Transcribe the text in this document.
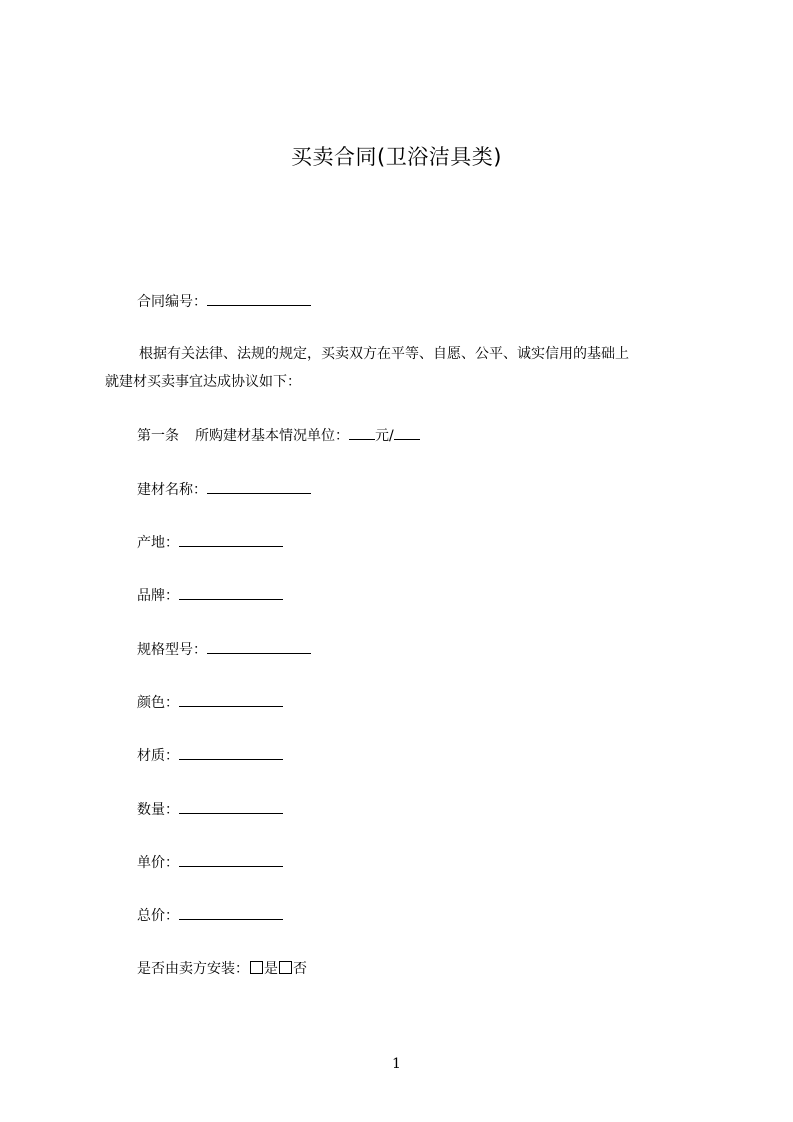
买卖合同(卫浴洁具类)
合同编号：
根据有关法律、法规的规定，买卖双方在平等、自愿、公平、诚实信用的基础上
就建材买卖事宜达成协议如下：
第一条 所购建材基本情况单位： 元/
建材名称：
产地：
品牌：
规格型号：
颜色：
材质：
数量：
单价：
总价：
是否由卖方安装： 是 否
1
